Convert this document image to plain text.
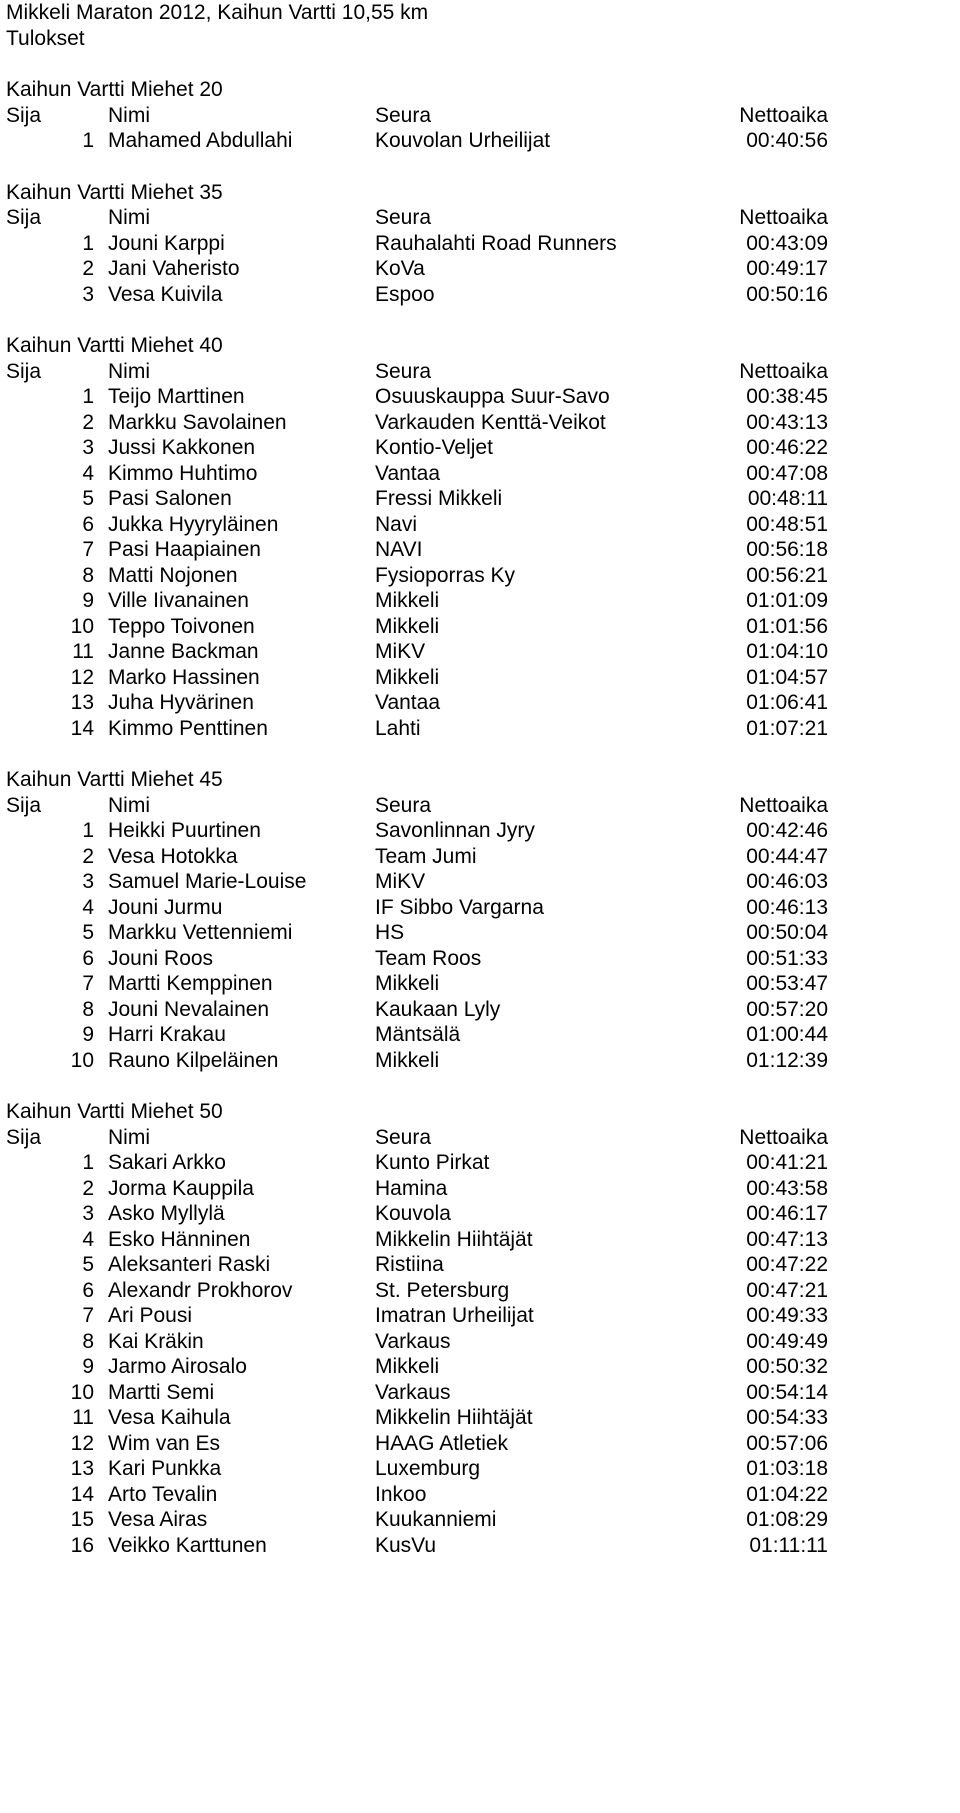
Mikkeli Maraton 2012, Kaihun Vartti 10,55 km
Tulokset
Kaihun Vartti Miehet 20
Sija	Nimi	Seura	Nettoaika
1 Mahamed Abdullahi	Kouvolan Urheilijat	00:40:56
Kaihun Vartti Miehet 35
Sija	Nimi	Seura	Nettoaika
1 Jouni Karppi	Rauhalahti Road Runners	00:43:09
2 Jani Vaheristo	KoVa	00:49:17
3 Vesa Kuivila	Espoo	00:50:16
Kaihun Vartti Miehet 40
Sija	Nimi	Seura	Nettoaika
1 Teijo Marttinen	Osuuskauppa Suur-Savo	00:38:45
2 Markku Savolainen	Varkauden Kenttä-Veikot	00:43:13
3 Jussi Kakkonen	Kontio-Veljet	00:46:22
4 Kimmo Huhtimo	Vantaa	00:47:08
5 Pasi Salonen	Fressi Mikkeli	00:48:11
6 Jukka Hyyryläinen	Navi	00:48:51
7 Pasi Haapiainen	NAVI	00:56:18
8 Matti Nojonen	Fysioporras Ky	00:56:21
9 Ville Iivanainen	Mikkeli	01:01:09
10 Teppo Toivonen	Mikkeli	01:01:56
11 Janne Backman	MiKV	01:04:10
12 Marko Hassinen	Mikkeli	01:04:57
13 Juha Hyvärinen	Vantaa	01:06:41
14 Kimmo Penttinen	Lahti	01:07:21
Kaihun Vartti Miehet 45
Sija	Nimi	Seura	Nettoaika
1 Heikki Puurtinen	Savonlinnan Jyry	00:42:46
2 Vesa Hotokka	Team Jumi	00:44:47
3 Samuel Marie-Louise	MiKV	00:46:03
4 Jouni Jurmu	IF Sibbo Vargarna	00:46:13
5 Markku Vettenniemi	HS	00:50:04
6 Jouni Roos	Team Roos	00:51:33
7 Martti Kemppinen	Mikkeli	00:53:47
8 Jouni Nevalainen	Kaukaan Lyly	00:57:20
9 Harri Krakau	Mäntsälä	01:00:44
10 Rauno Kilpeläinen	Mikkeli	01:12:39
Kaihun Vartti Miehet 50
Sija	Nimi	Seura	Nettoaika
1 Sakari Arkko	Kunto Pirkat	00:41:21
2 Jorma Kauppila	Hamina	00:43:58
3 Asko Myllylä	Kouvola	00:46:17
4 Esko Hänninen	Mikkelin Hiihtäjät	00:47:13
5 Aleksanteri Raski	Ristiina	00:47:22
6 Alexandr Prokhorov	St. Petersburg	00:47:21
7 Ari Pousi	Imatran Urheilijat	00:49:33
8 Kai Kräkin	Varkaus	00:49:49
9 Jarmo Airosalo	Mikkeli	00:50:32
10 Martti Semi	Varkaus	00:54:14
11 Vesa Kaihula	Mikkelin Hiihtäjät	00:54:33
12 Wim van Es	HAAG Atletiek	00:57:06
13 Kari Punkka	Luxemburg	01:03:18
14 Arto Tevalin	Inkoo	01:04:22
15 Vesa Airas	Kuukanniemi	01:08:29
16 Veikko Karttunen	KusVu	01:11:11
